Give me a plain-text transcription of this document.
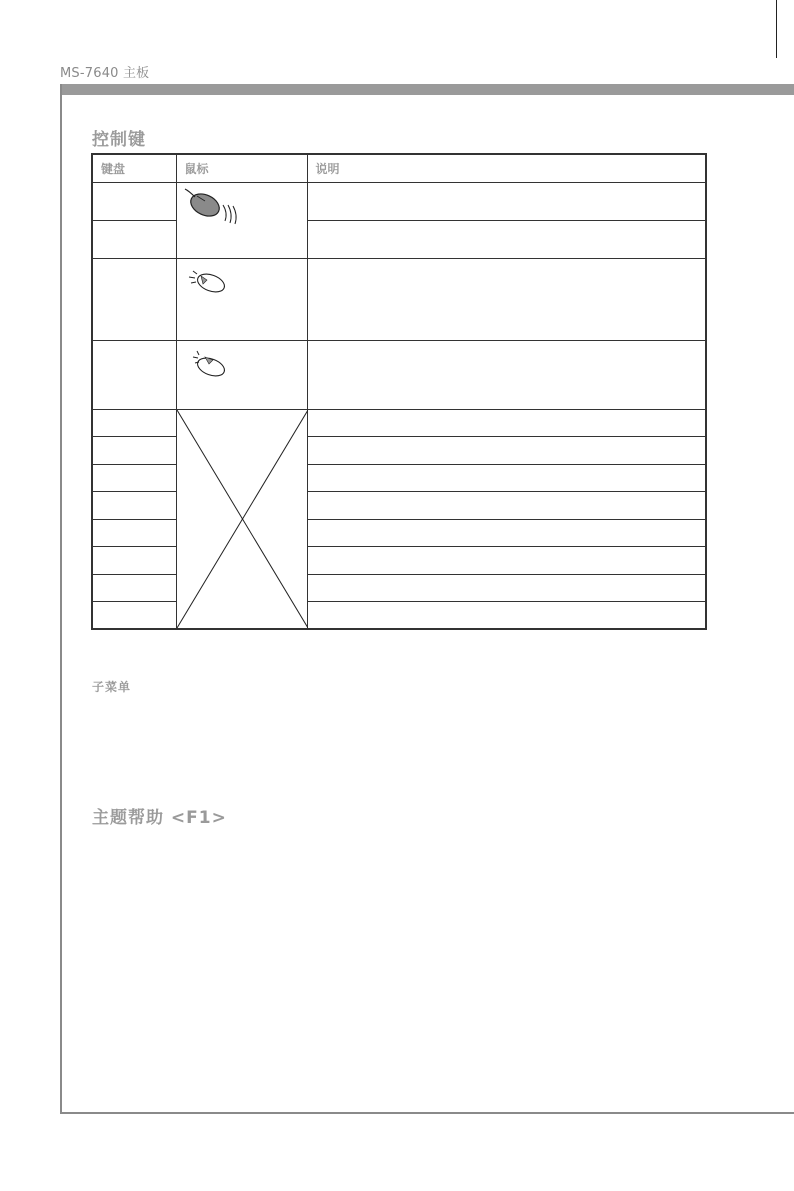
MS-7640 主板
控制键
键盘	鼠标	说明

子菜单
主题帮助 <F1>
